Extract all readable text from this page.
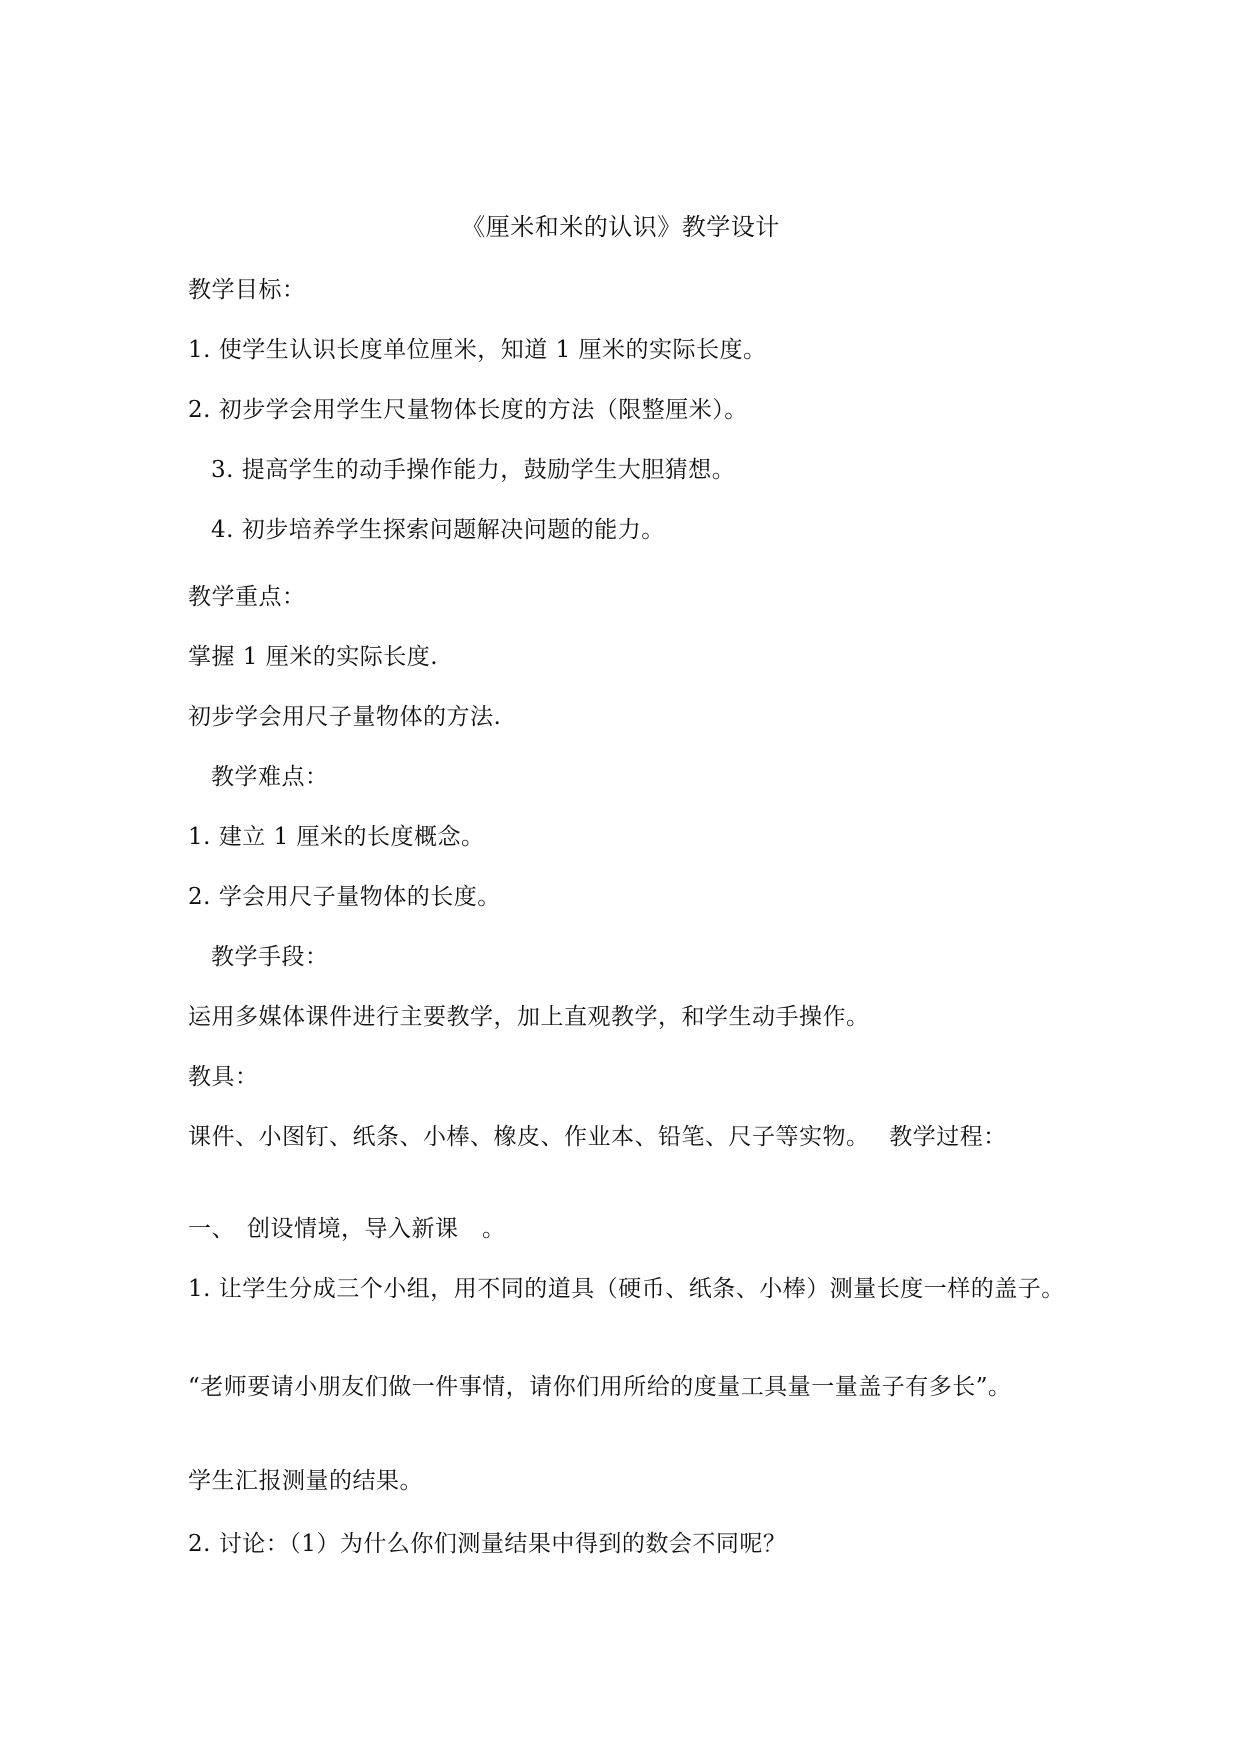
《厘米和米的认识》教学设计
教学目标：
1. 使学生认识长度单位厘米，知道 1 厘米的实际长度。
2. 初步学会用学生尺量物体长度的方法（限整厘米）。
3. 提高学生的动手操作能力，鼓励学生大胆猜想。
4. 初步培养学生探索问题解决问题的能力。
教学重点：
掌握 1 厘米的实际长度.
初步学会用尺子量物体的方法.
教学难点：
1. 建立 1 厘米的长度概念。
2. 学会用尺子量物体的长度。
教学手段：
运用多媒体课件进行主要教学，加上直观教学，和学生动手操作。
教具：
课件、小图钉、纸条、小棒、橡皮、作业本、铅笔、尺子等实物。　 教学过程：
一、　创设情境，导入新课　。
1. 让学生分成三个小组，用不同的道具（硬币、纸条、小棒）测量长度一样的盖子。
“老师要请小朋友们做一件事情，请你们用所给的度量工具量一量盖子有多长”。
学生汇报测量的结果。
2. 讨论：（1）为什么你们测量结果中得到的数会不同呢？
